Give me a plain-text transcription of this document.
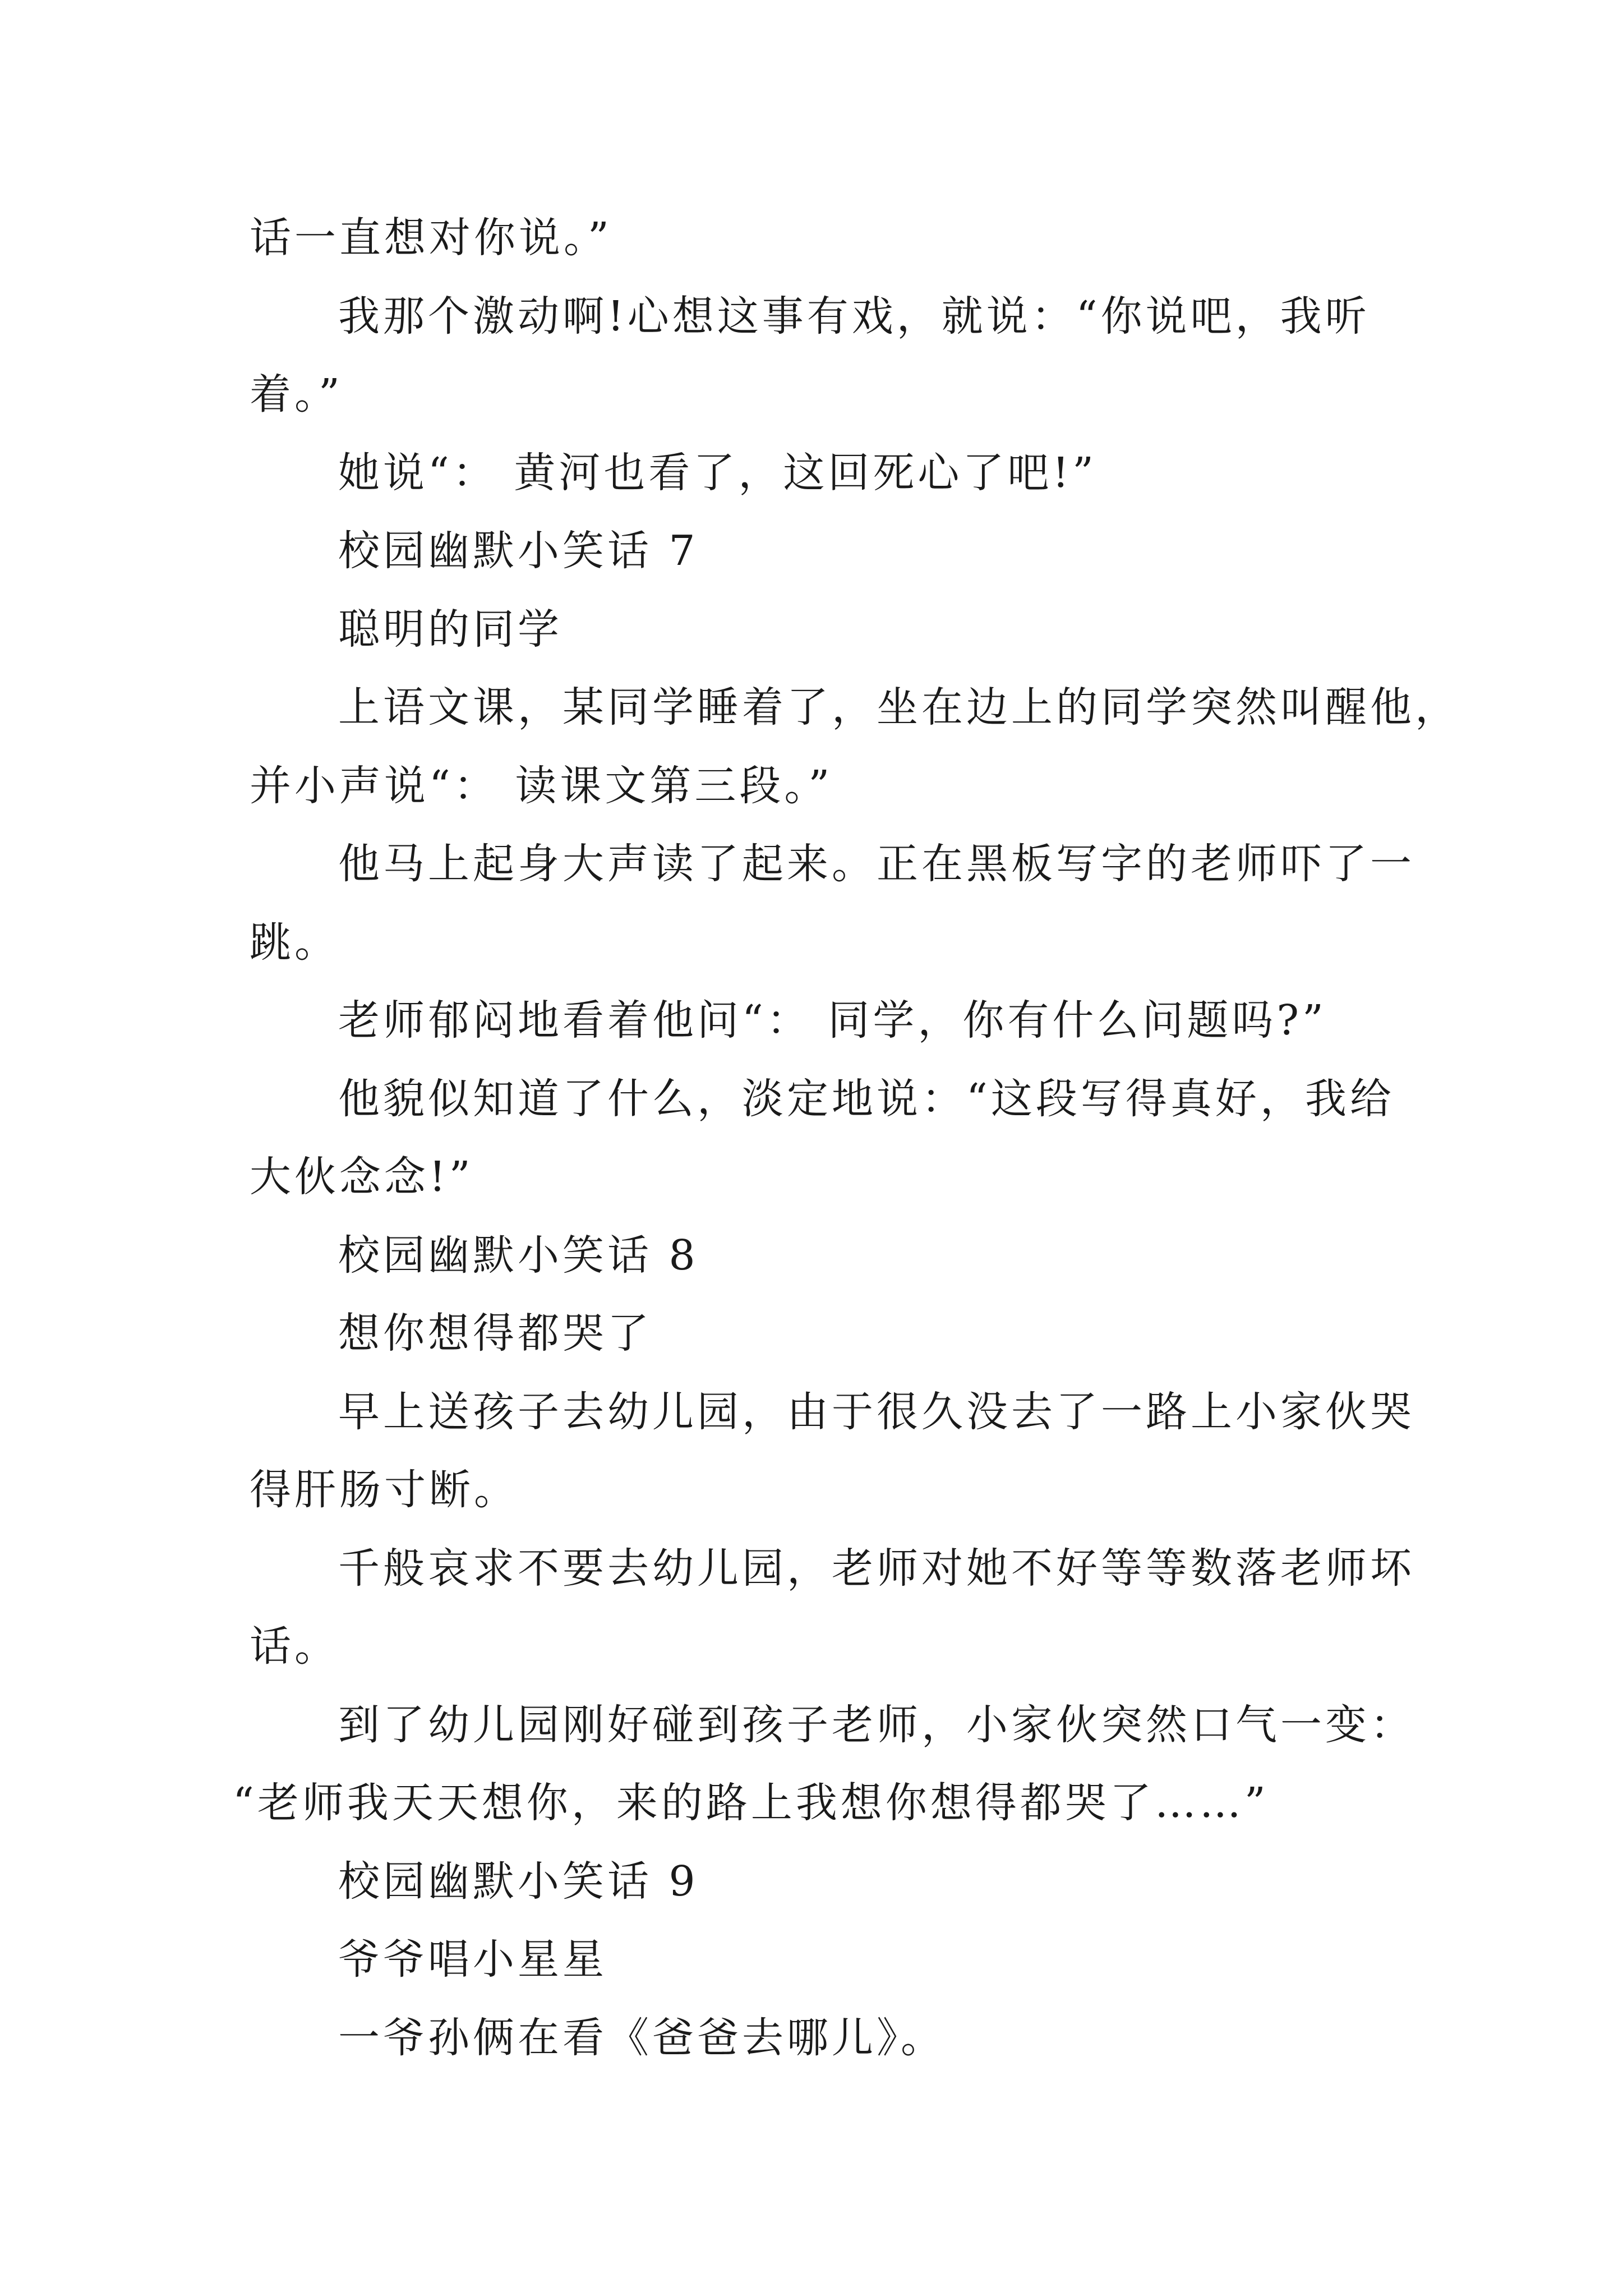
话一直想对你说。”
我那个激动啊!心想这事有戏，就说：“你说吧，我听
着。”
她说“： 黄河也看了，这回死心了吧!”
校园幽默小笑话 7
聪明的同学
上语文课，某同学睡着了，坐在边上的同学突然叫醒他，
并小声说“： 读课文第三段。”
他马上起身大声读了起来。正在黑板写字的老师吓了一
跳。
老师郁闷地看着他问“： 同学，你有什么问题吗?”
他貌似知道了什么，淡定地说：“这段写得真好，我给
大伙念念!”
校园幽默小笑话 8
想你想得都哭了
早上送孩子去幼儿园，由于很久没去了一路上小家伙哭
得肝肠寸断。
千般哀求不要去幼儿园，老师对她不好等等数落老师坏
话。
到了幼儿园刚好碰到孩子老师，小家伙突然口气一变：
“老师我天天想你，来的路上我想你想得都哭了……”
校园幽默小笑话 9
爷爷唱小星星
一爷孙俩在看《爸爸去哪儿》。
